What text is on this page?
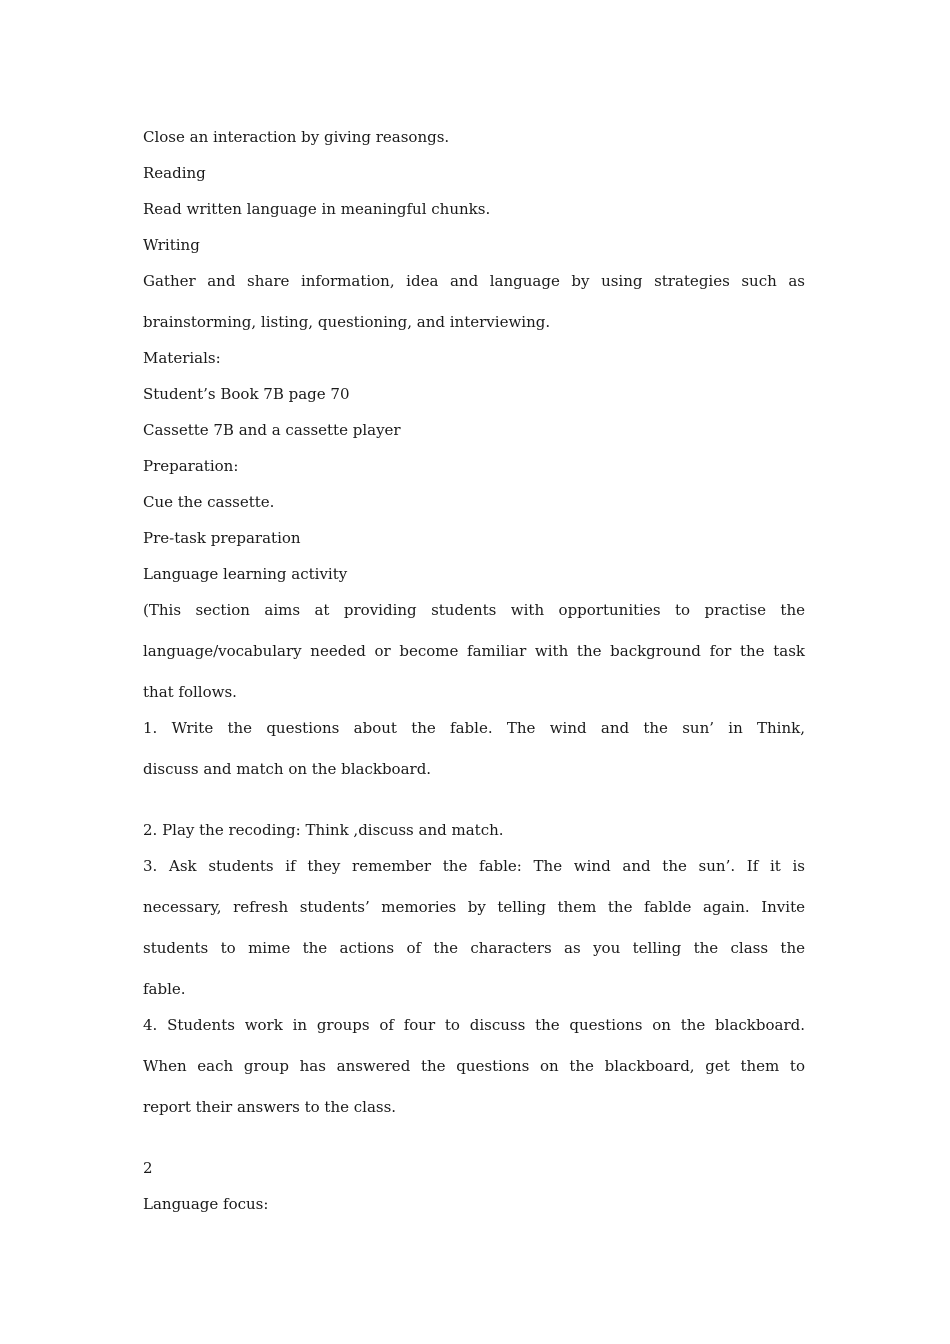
Close an interaction by giving reasongs.

Reading

Read written language in meaningful chunks.

Writing

Gather and share information, idea and language by using strategies such as

brainstorming, listing, questioning, and interviewing.

Materials:

Student’s Book 7B page 70

Cassette 7B and a cassette player

Preparation:

Cue the cassette.

Pre-task preparation

Language learning activity

(This section aims at providing students with opportunities to practise the

language/vocabulary needed or become familiar with the background for the task

that follows.

1. Write the questions about the fable. The wind and the sun’ in Think,

discuss and match on the blackboard.

2. Play the recoding: Think ,discuss and match.

3. Ask students if they remember the fable: The wind and the sun’. If it is

necessary, refresh students’ memories by telling them the fablde again. Invite

students to mime the actions of the characters as you telling the class the

fable.

4. Students work in groups of four to discuss the questions on the blackboard.

When each group has answered the questions on the blackboard, get them to

report their answers to the class.

2

Language focus:
